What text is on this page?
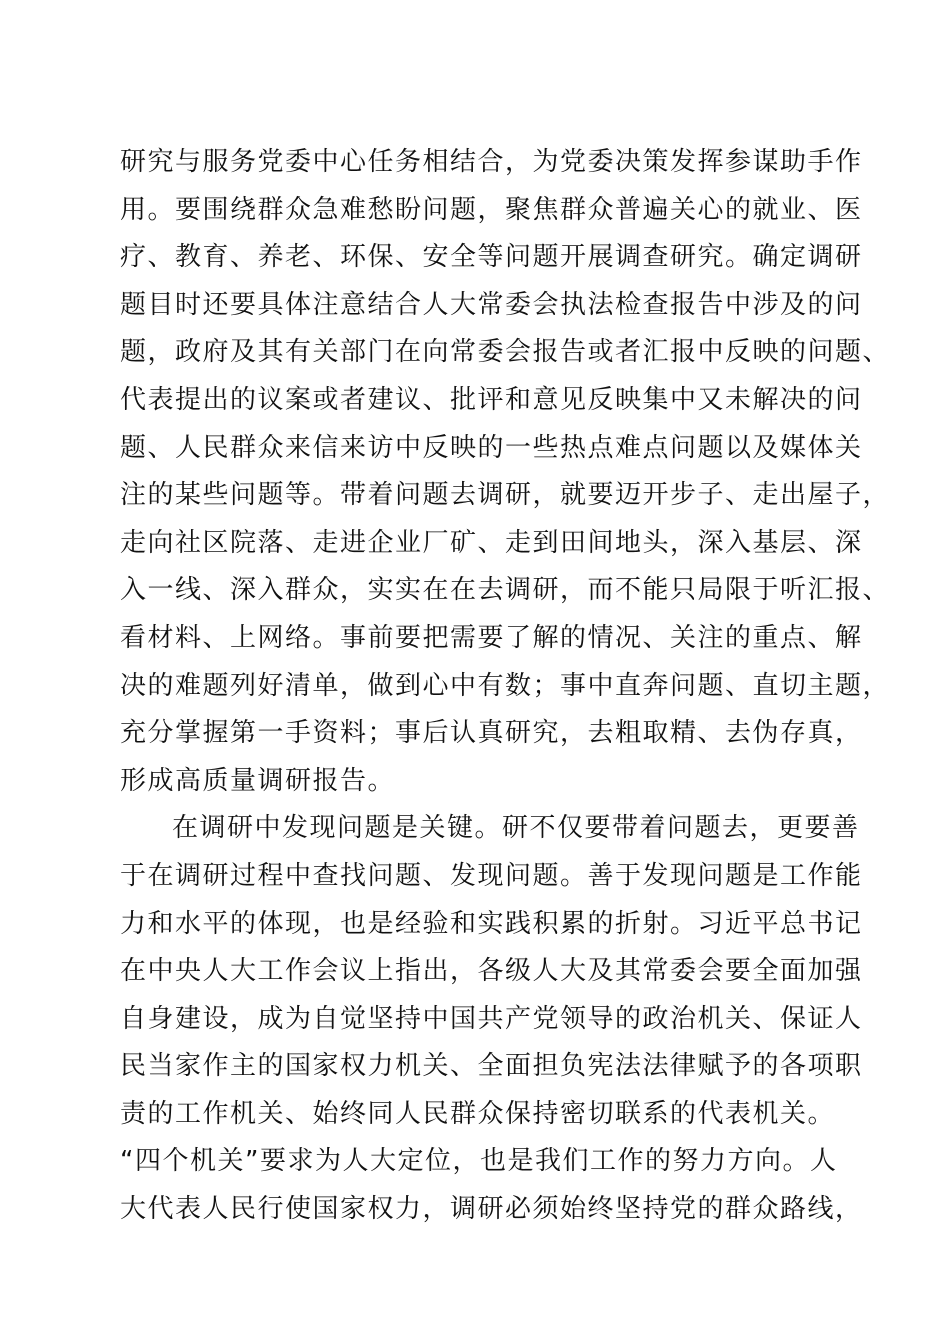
研究与服务党委中心任务相结合，为党委决策发挥参谋助手作
用。要围绕群众急难愁盼问题，聚焦群众普遍关心的就业、医
疗、教育、养老、环保、安全等问题开展调查研究。确定调研
题目时还要具体注意结合人大常委会执法检查报告中涉及的问
题，政府及其有关部门在向常委会报告或者汇报中反映的问题、
代表提出的议案或者建议、批评和意见反映集中又未解决的问
题、人民群众来信来访中反映的一些热点难点问题以及媒体关
注的某些问题等。带着问题去调研，就要迈开步子、走出屋子，
走向社区院落、走进企业厂矿、走到田间地头，深入基层、深
入一线、深入群众，实实在在去调研，而不能只局限于听汇报、
看材料、上网络。事前要把需要了解的情况、关注的重点、解
决的难题列好清单，做到心中有数；事中直奔问题、直切主题，
充分掌握第一手资料；事后认真研究，去粗取精、去伪存真，
形成高质量调研报告。
在调研中发现问题是关键。研不仅要带着问题去，更要善
于在调研过程中查找问题、发现问题。善于发现问题是工作能
力和水平的体现，也是经验和实践积累的折射。习近平总书记
在中央人大工作会议上指出，各级人大及其常委会要全面加强
自身建设，成为自觉坚持中国共产党领导的政治机关、保证人
民当家作主的国家权力机关、全面担负宪法法律赋予的各项职
责的工作机关、始终同人民群众保持密切联系的代表机关。
“四个机关”要求为人大定位，也是我们工作的努力方向。人
大代表人民行使国家权力，调研必须始终坚持党的群众路线，
